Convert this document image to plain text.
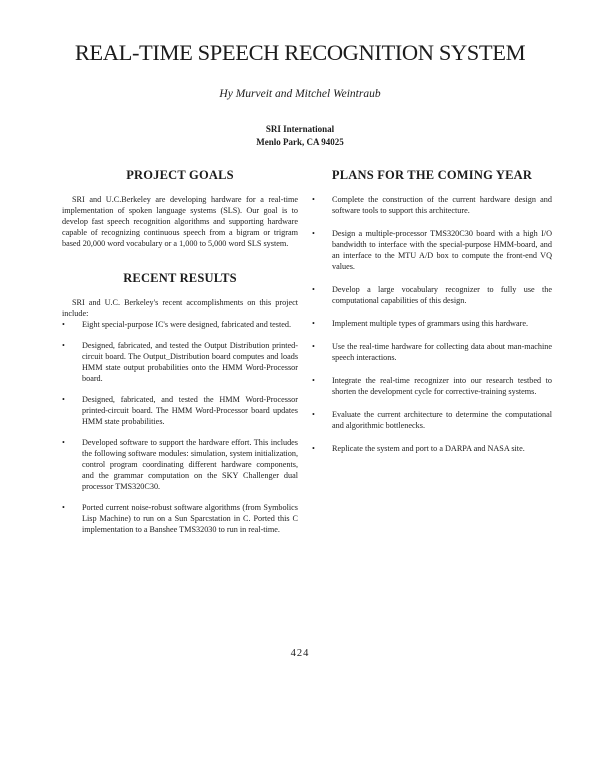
REAL-TIME SPEECH RECOGNITION SYSTEM
Hy Murveit and Mitchel Weintraub
SRI International
Menlo Park, CA 94025
PROJECT GOALS

SRI and U.C.Berkeley are developing hardware for a real-time implementation of spoken language systems (SLS). Our goal is to develop fast speech recognition algorithms and supporting hardware capable of recognizing continuous speech from a bigram or trigram based 20,000 word vocabulary or a 1,000 to 5,000 word SLS system.

RECENT RESULTS

SRI and U.C. Berkeley's recent accomplishments on this project include:

•	Eight special-purpose IC's were designed, fabricated and tested.
•	Designed, fabricated, and tested the Output Distribution printed-circuit board. The Output_Distribution board computes and loads HMM state output probabilities onto the HMM Word-Processor board.
•	Designed, fabricated, and tested the HMM Word-Processor printed-circuit board. The HMM Word-Processor board updates HMM state probabilities.
•	Developed software to support the hardware effort. This includes the following software modules: simulation, system initialization, control program coordinating different hardware components, and the grammar computation on the SKY Challenger dual processor TMS320C30.
•	Ported current noise-robust software algorithms (from Symbolics Lisp Machine) to run on a Sun Sparcstation in C. Ported this C implementation to a Banshee TMS32030 to run in real-time.
PLANS FOR THE COMING YEAR
•	Complete the construction of the current hardware design and software tools to support this architecture.
•	Design a multiple-processor TMS320C30 board with a high I/O bandwidth to interface with the special-purpose HMM-board, and an interface to the MTU A/D box to compute the front-end VQ values.
•	Develop a large vocabulary recognizer to fully use the computational capabilities of this design.
•	Implement multiple types of grammars using this hardware.
•	Use the real-time hardware for collecting data about man-machine speech interactions.
•	Integrate the real-time recognizer into our research testbed to shorten the development cycle for corrective-training systems.
•	Evaluate the current architecture to determine the computational and algorithmic bottlenecks.
•	Replicate the system and port to a DARPA and NASA site.
424
